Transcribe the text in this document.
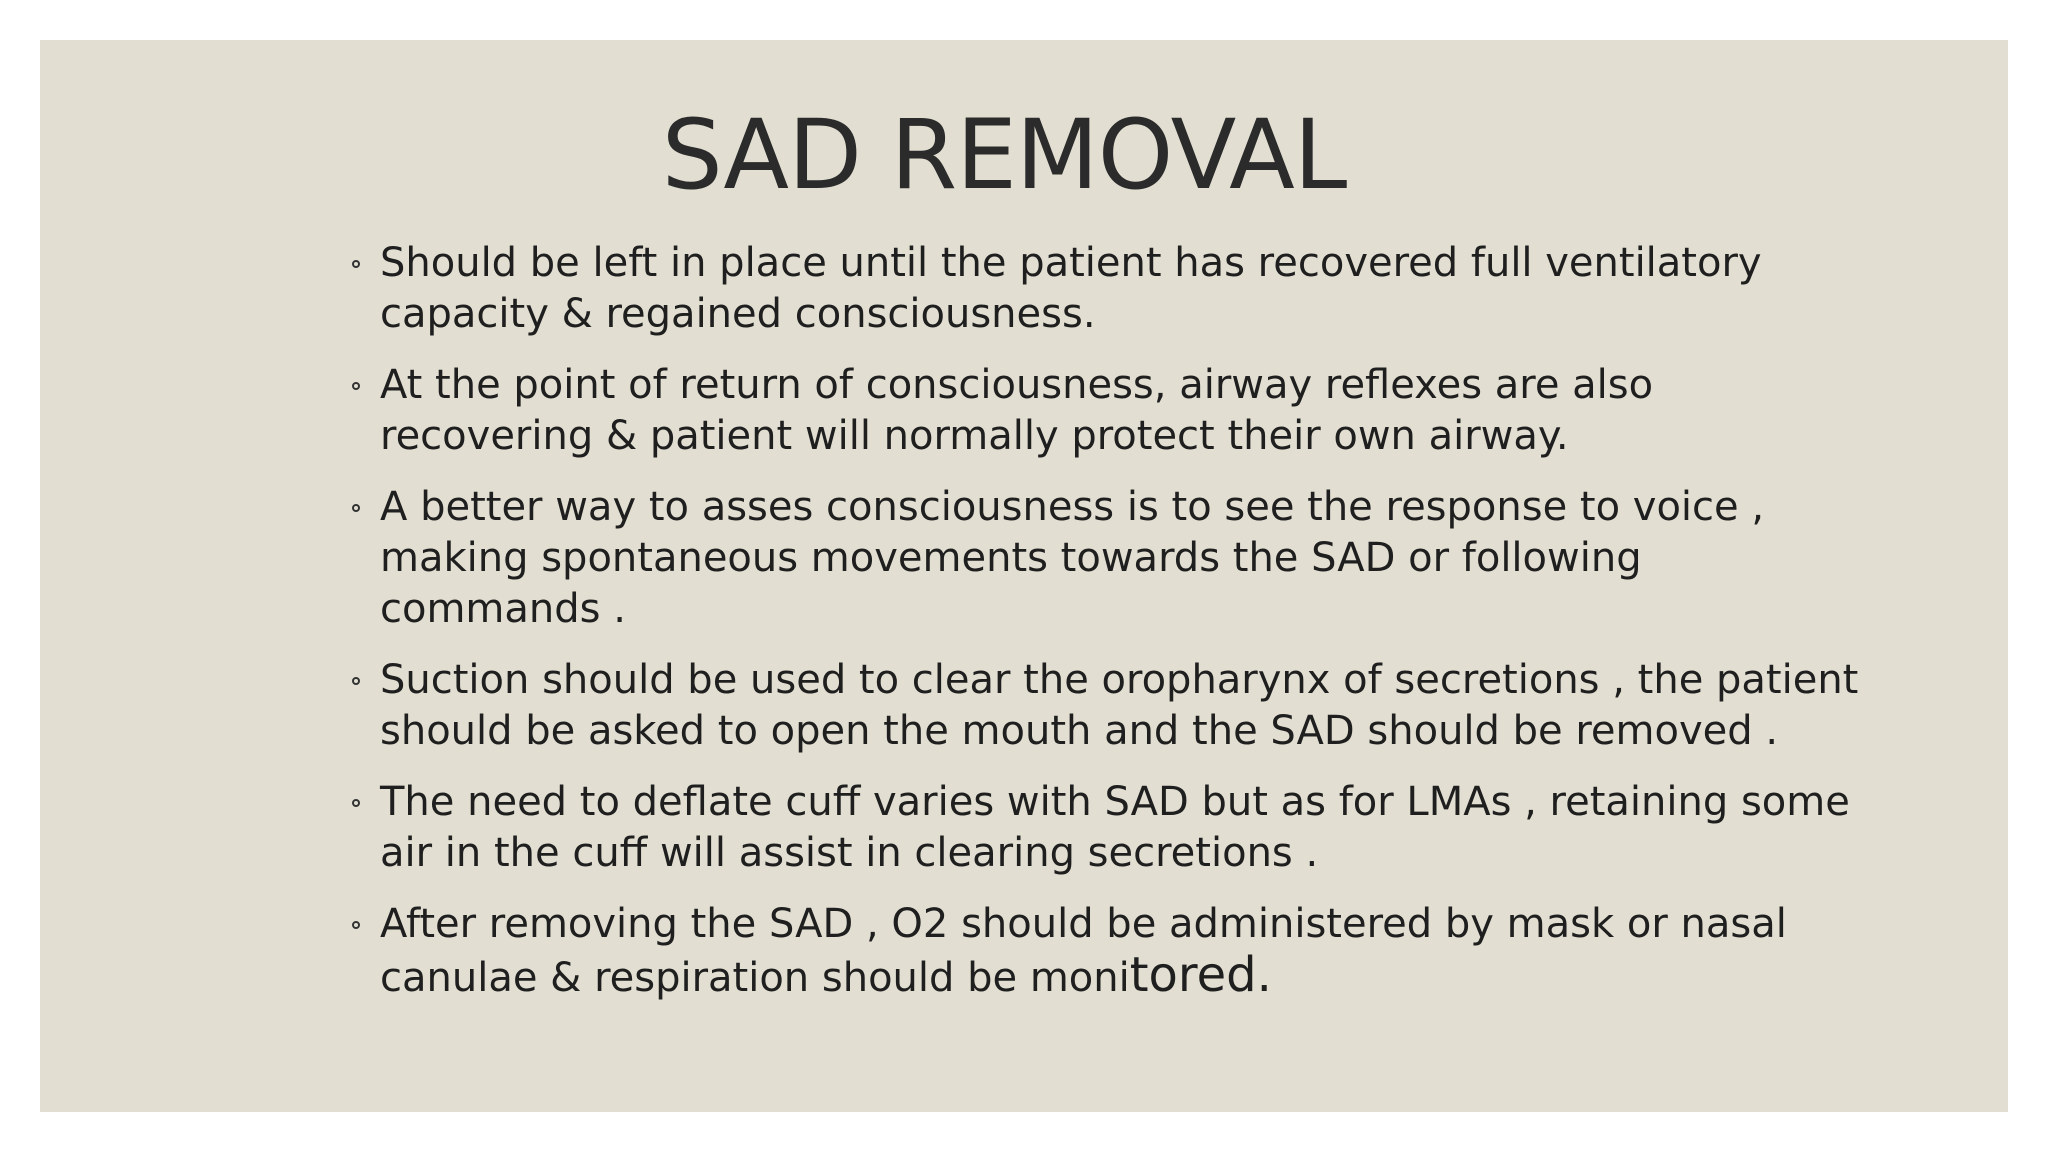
SAD REMOVAL
Should be left in place until the patient has recovered full ventilatory capacity & regained consciousness.
At the point of return of consciousness, airway reflexes are also recovering & patient will normally protect their own airway.
A better way to asses consciousness is to see the response to voice , making spontaneous movements towards the SAD or following commands .
Suction should be used to clear the oropharynx of secretions , the patient should be asked to open the mouth and the SAD should be removed .
The need to deflate cuff varies with SAD but as for LMAs , retaining some air in the cuff will assist in clearing secretions .
After removing the SAD , O2 should be administered by mask or nasal canulae & respiration should be monitored.
